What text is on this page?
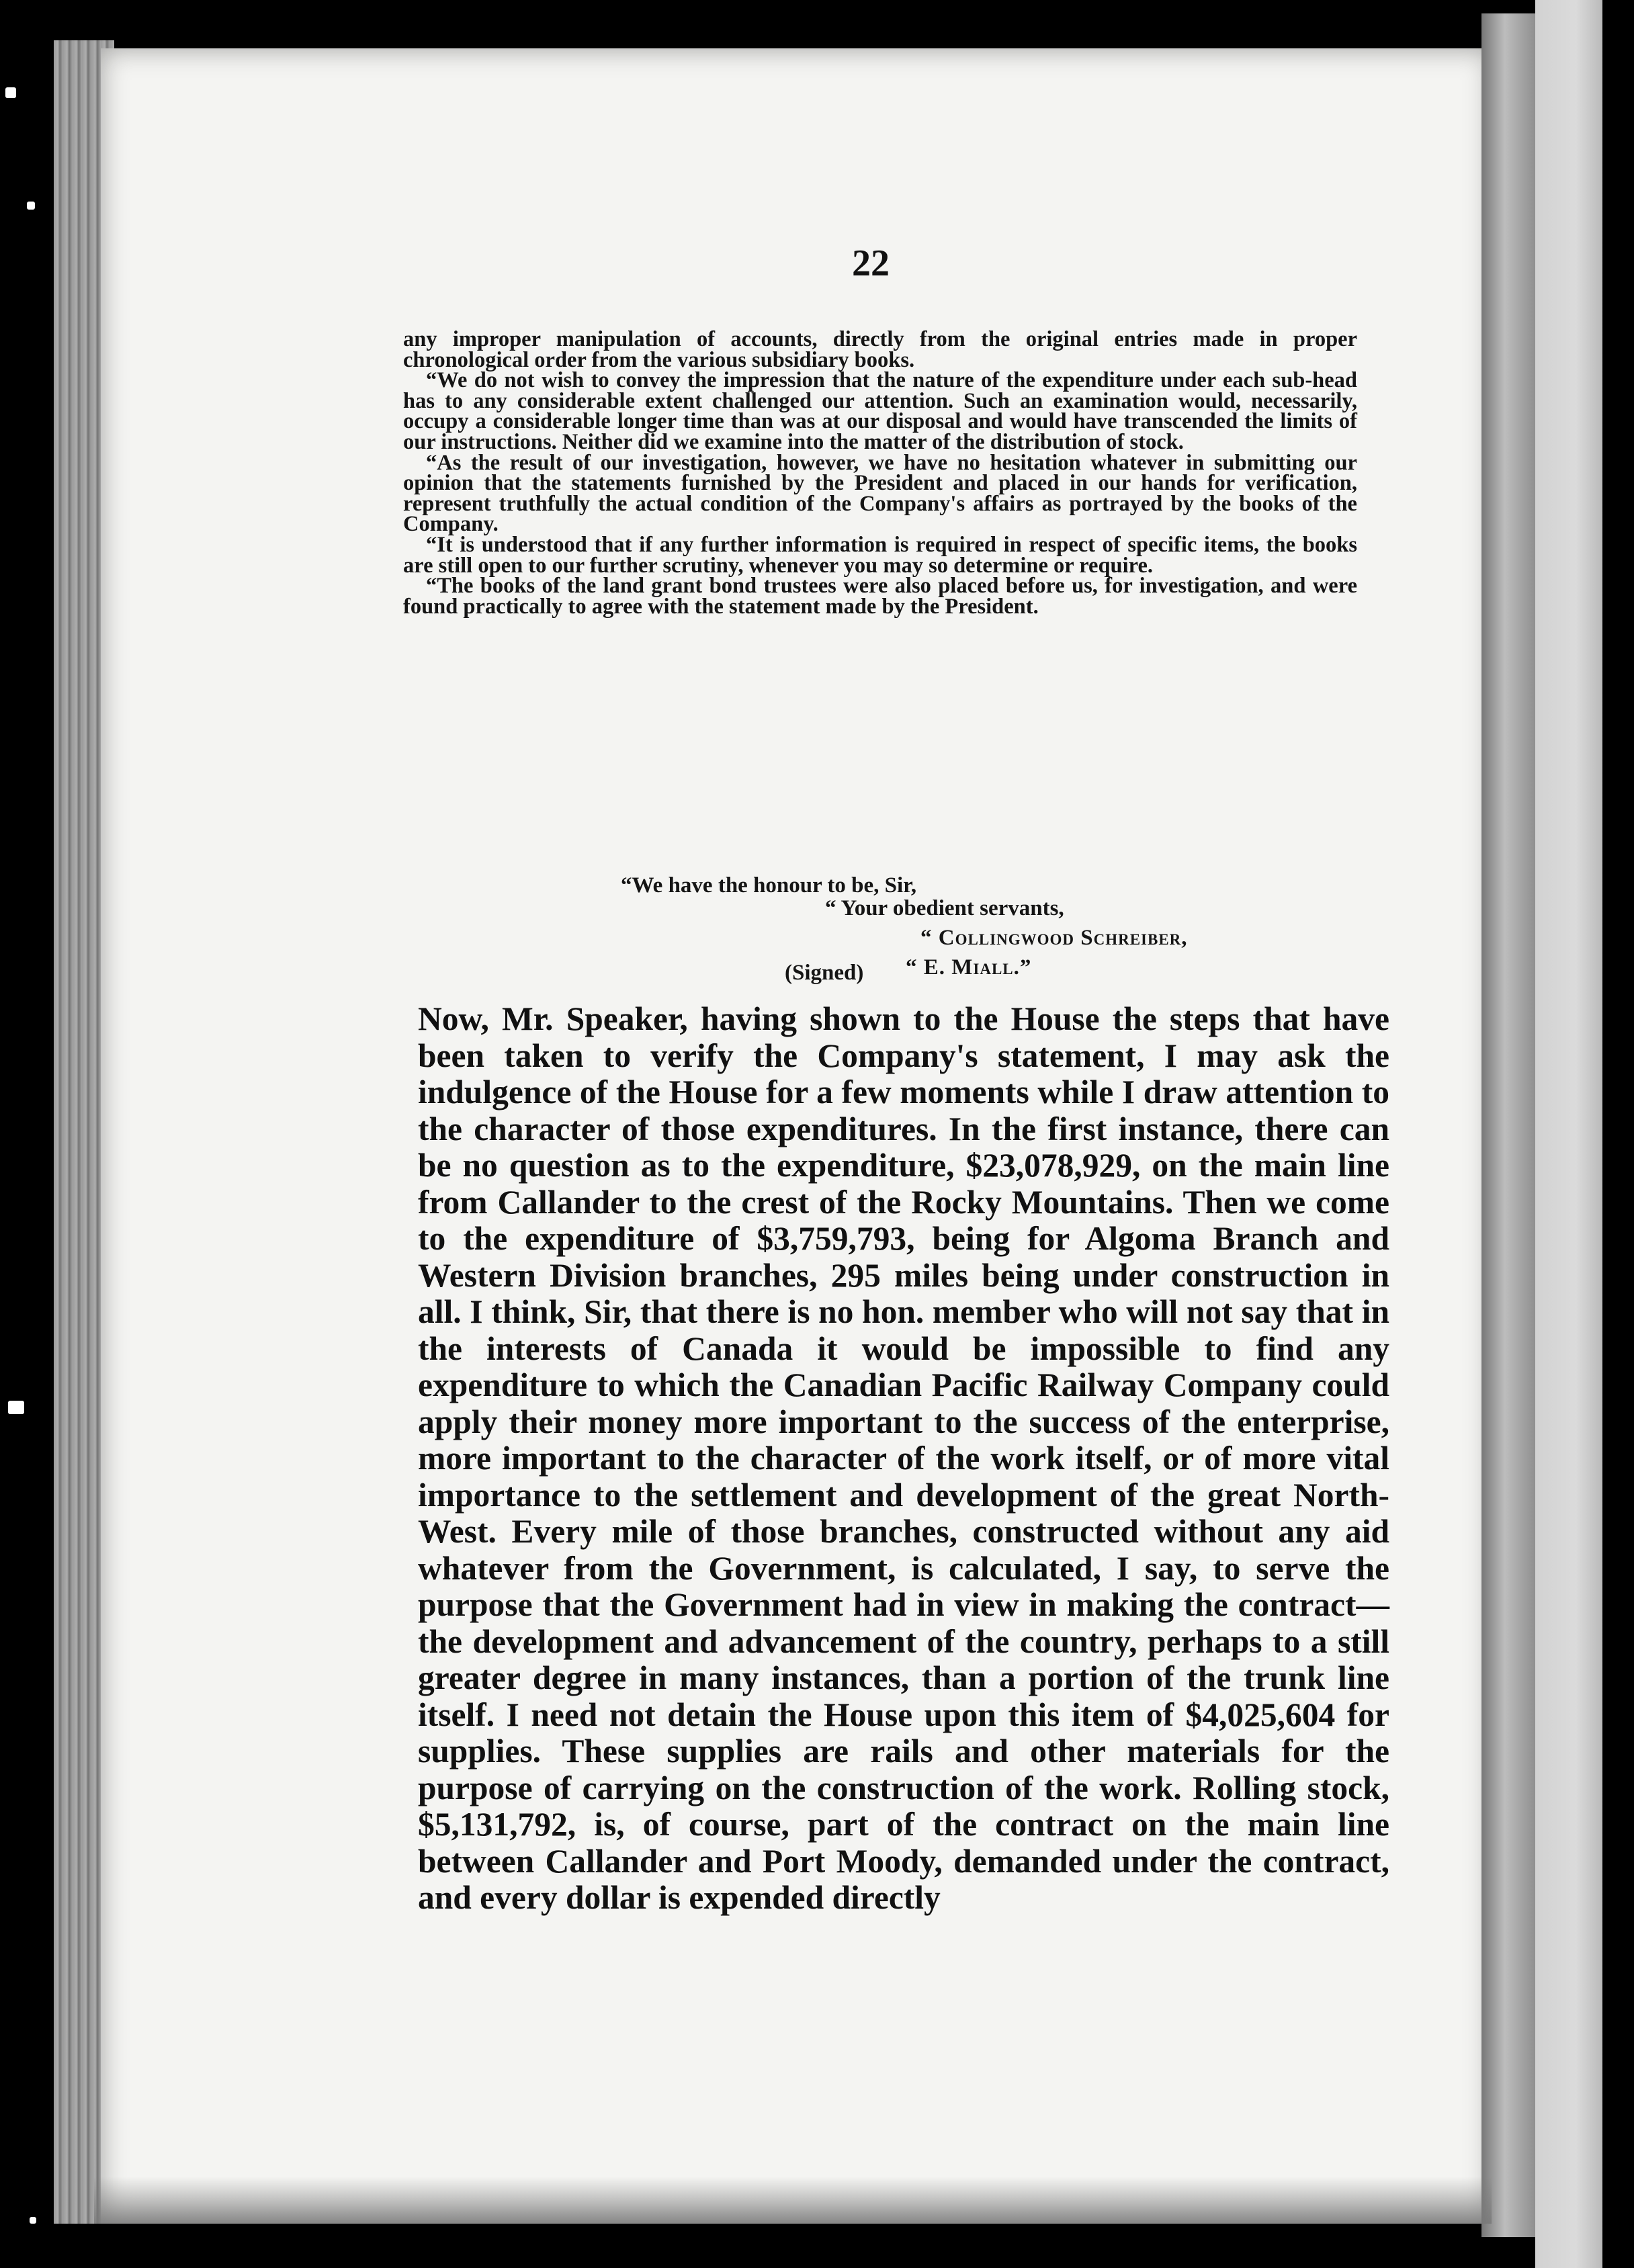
22

any improper manipulation of accounts, directly from the original entries made in proper chronological order from the various subsidiary books.

“We do not wish to convey the impression that the nature of the expenditure under each sub-head has to any considerable extent challenged our attention. Such an examination would, necessarily, occupy a considerable longer time than was at our disposal and would have transcended the limits of our instructions. Neither did we examine into the matter of the distribution of stock.

“As the result of our investigation, however, we have no hesitation whatever in submitting our opinion that the statements furnished by the President and placed in our hands for verification, represent truthfully the actual condition of the Company's affairs as portrayed by the books of the Company.

“It is understood that if any further information is required in respect of specific items, the books are still open to our further scrutiny, whenever you may so determine or require.

“The books of the land grant bond trustees were also placed before us, for investigation, and were found practically to agree with the statement made by the President.

“We have the honour to be, Sir,
“ Your obedient servants,
“ Collingwood Schreiber,
(Signed) “ E. Miall.”

Now, Mr. Speaker, having shown to the House the steps that have been taken to verify the Company's statement, I may ask the indulgence of the House for a few moments while I draw attention to the character of those expenditures. In the first instance, there can be no question as to the expenditure, $23,078,929, on the main line from Callander to the crest of the Rocky Mountains. Then we come to the expenditure of $3,759,793, being for Algoma Branch and Western Division branches, 295 miles being under construction in all. I think, Sir, that there is no hon. member who will not say that in the interests of Canada it would be impossible to find any expenditure to which the Canadian Pacific Railway Company could apply their money more important to the success of the enterprise, more important to the character of the work itself, or of more vital importance to the settlement and development of the great North-West. Every mile of those branches, constructed without any aid whatever from the Government, is calculated, I say, to serve the purpose that the Government had in view in making the contract—the development and advancement of the country, perhaps to a still greater degree in many instances, than a portion of the trunk line itself. I need not detain the House upon this item of $4,025,604 for supplies. These supplies are rails and other materials for the purpose of carrying on the construction of the work. Rolling stock, $5,131,792, is, of course, part of the contract on the main line between Callander and Port Moody, demanded under the contract, and every dollar is expended directly
